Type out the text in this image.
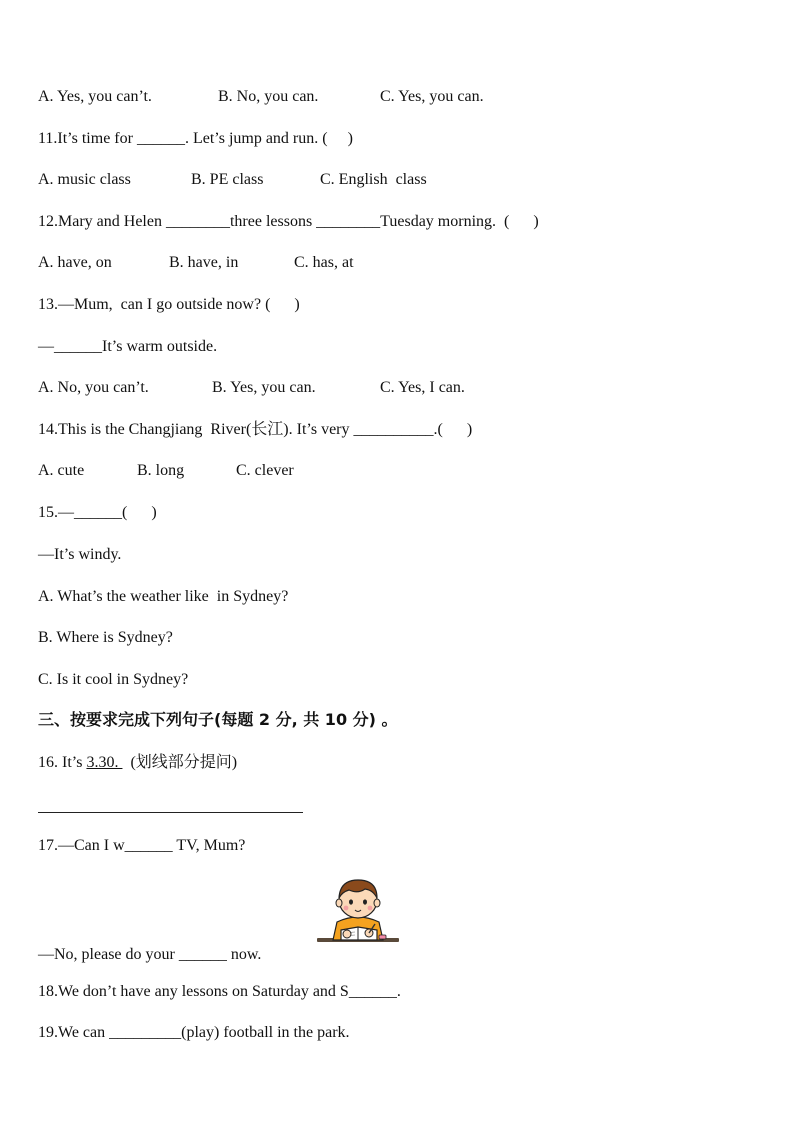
A. Yes, you can’t.	B. No, you can.	C. Yes, you can.
11.It’s time for ______. Let’s jump and run. (     )
A. music class	B. PE class	C. English  class
12.Mary and Helen ________three lessons ________Tuesday morning.  (      )
A. have, on	B. have, in	C. has, at
13.—Mum,  can I go outside now? (      )
—______It’s warm outside.
A. No, you can’t.	B. Yes, you can.	C. Yes, I can.
14.This is the Changjiang  River(长江). It’s very __________.(      )
A. cute	B. long	C. clever
15.—______(      )
—It’s windy.
A. What’s the weather like  in Sydney?
B. Where is Sydney?
C. Is it cool in Sydney?
三、按要求完成下列句子(每题 2 分, 共 10 分) 。
16. It’s 3.30.   (划线部分提问)
17.—Can I w______ TV, Mum?
—No, please do your ______ now.
18.We don’t have any lessons on Saturday and S______.
19.We can _________(play) football in the park.
